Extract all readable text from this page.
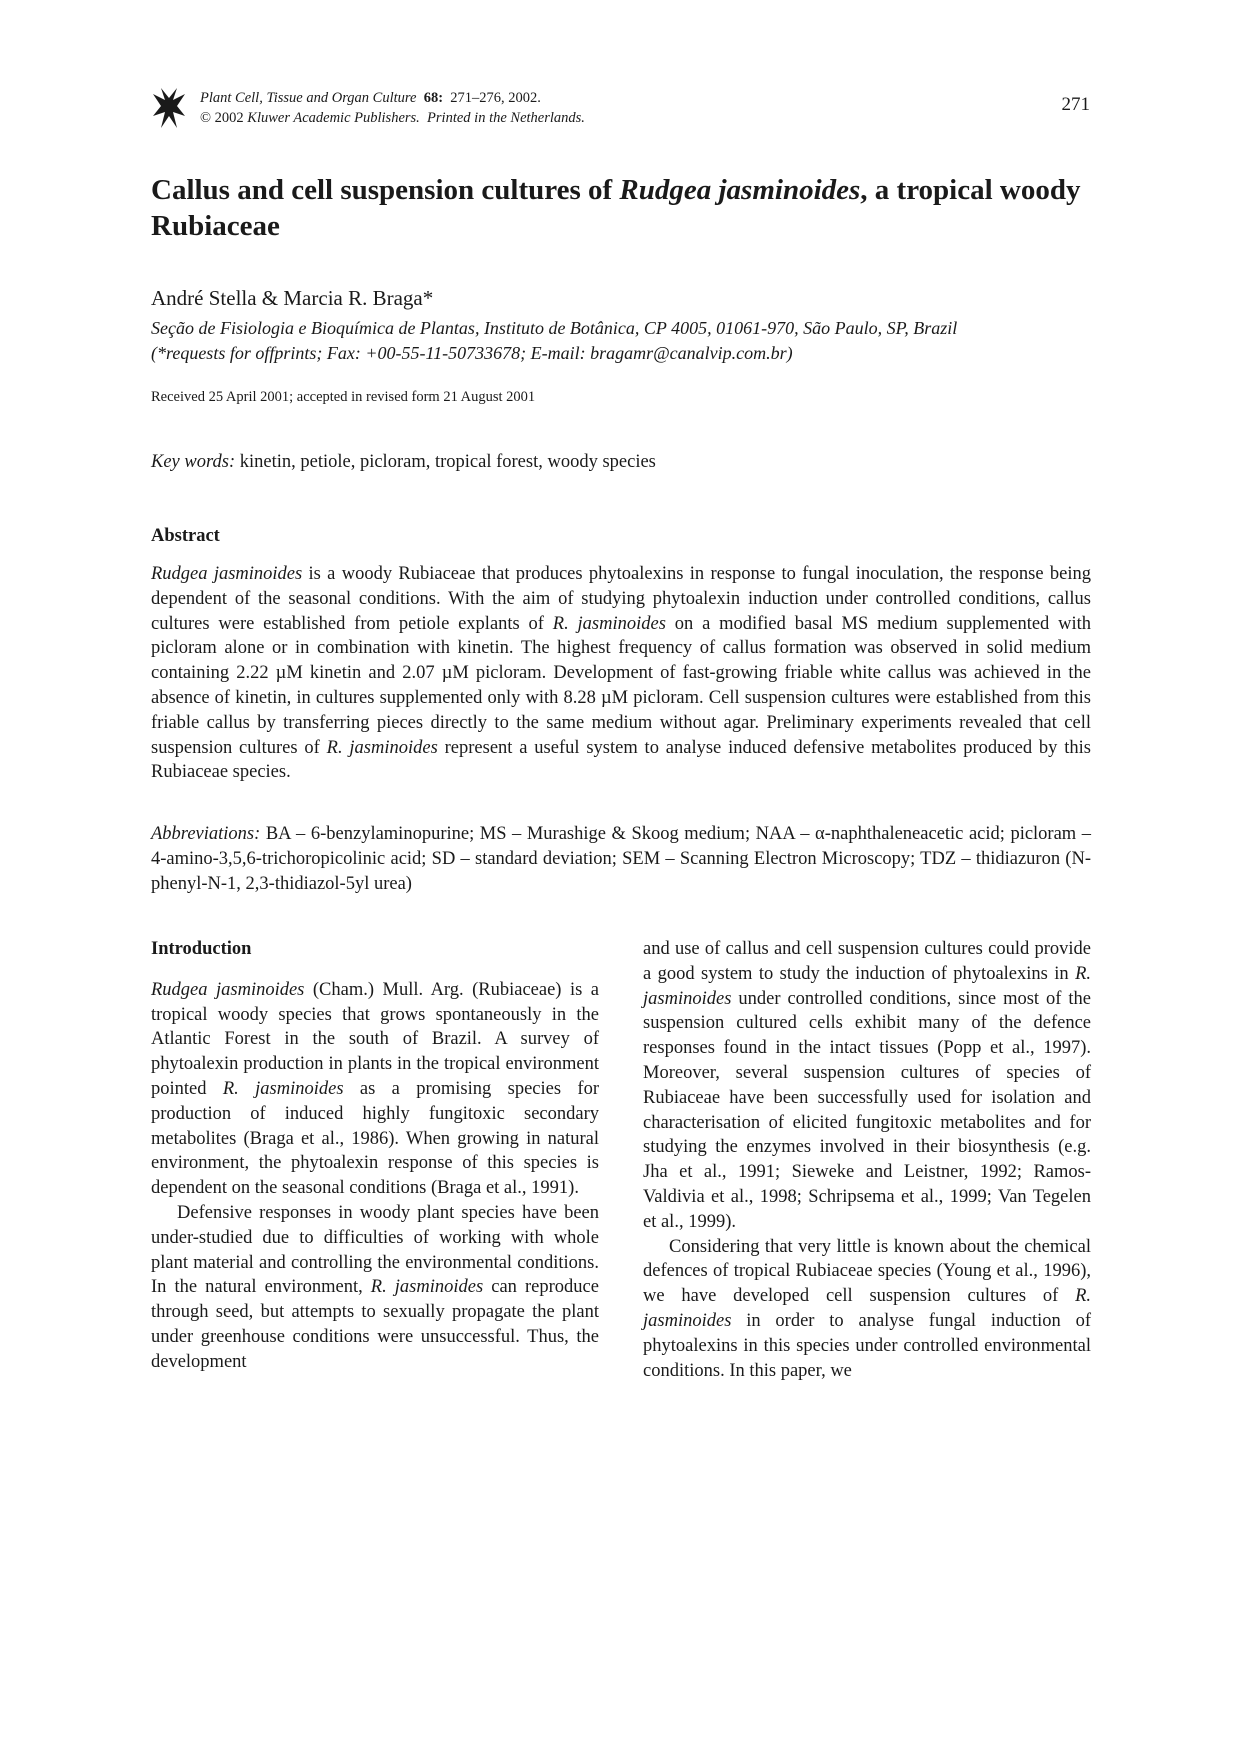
Plant Cell, Tissue and Organ Culture 68: 271–276, 2002.
© 2002 Kluwer Academic Publishers. Printed in the Netherlands.
271
Callus and cell suspension cultures of Rudgea jasminoides, a tropical woody Rubiaceae
André Stella & Marcia R. Braga*
Seção de Fisiologia e Bioquímica de Plantas, Instituto de Botânica, CP 4005, 01061-970, São Paulo, SP, Brazil
(*requests for offprints; Fax: +00-55-11-50733678; E-mail: bragamr@canalvip.com.br)
Received 25 April 2001; accepted in revised form 21 August 2001
Key words: kinetin, petiole, picloram, tropical forest, woody species
Abstract
Rudgea jasminoides is a woody Rubiaceae that produces phytoalexins in response to fungal inoculation, the response being dependent of the seasonal conditions. With the aim of studying phytoalexin induction under controlled conditions, callus cultures were established from petiole explants of R. jasminoides on a modified basal MS medium supplemented with picloram alone or in combination with kinetin. The highest frequency of callus formation was observed in solid medium containing 2.22 µM kinetin and 2.07 µM picloram. Development of fast-growing friable white callus was achieved in the absence of kinetin, in cultures supplemented only with 8.28 µM picloram. Cell suspension cultures were established from this friable callus by transferring pieces directly to the same medium without agar. Preliminary experiments revealed that cell suspension cultures of R. jasminoides represent a useful system to analyse induced defensive metabolites produced by this Rubiaceae species.
Abbreviations: BA – 6-benzylaminopurine; MS – Murashige & Skoog medium; NAA – α-naphthaleneacetic acid; picloram – 4-amino-3,5,6-trichoropicolinic acid; SD – standard deviation; SEM – Scanning Electron Microscopy; TDZ – thidiazuron (N-phenyl-N-1, 2,3-thidiazol-5yl urea)
Introduction

Rudgea jasminoides (Cham.) Mull. Arg. (Rubiaceae) is a tropical woody species that grows spontaneously in the Atlantic Forest in the south of Brazil. A survey of phytoalexin production in plants in the tropical environment pointed R. jasminoides as a promising species for production of induced highly fungitoxic secondary metabolites (Braga et al., 1986). When growing in natural environment, the phytoalexin response of this species is dependent on the seasonal conditions (Braga et al., 1991).

Defensive responses in woody plant species have been under-studied due to difficulties of working with whole plant material and controlling the environmental conditions. In the natural environment, R. jasminoides can reproduce through seed, but attempts to sexually propagate the plant under greenhouse conditions were unsuccessful. Thus, the development

and use of callus and cell suspension cultures could provide a good system to study the induction of phytoalexins in R. jasminoides under controlled conditions, since most of the suspension cultured cells exhibit many of the defence responses found in the intact tissues (Popp et al., 1997). Moreover, several suspension cultures of species of Rubiaceae have been successfully used for isolation and characterisation of elicited fungitoxic metabolites and for studying the enzymes involved in their biosynthesis (e.g. Jha et al., 1991; Sieweke and Leistner, 1992; Ramos-Valdivia et al., 1998; Schripsema et al., 1999; Van Tegelen et al., 1999).

Considering that very little is known about the chemical defences of tropical Rubiaceae species (Young et al., 1996), we have developed cell suspension cultures of R. jasminoides in order to analyse fungal induction of phytoalexins in this species under controlled environmental conditions. In this paper, we
